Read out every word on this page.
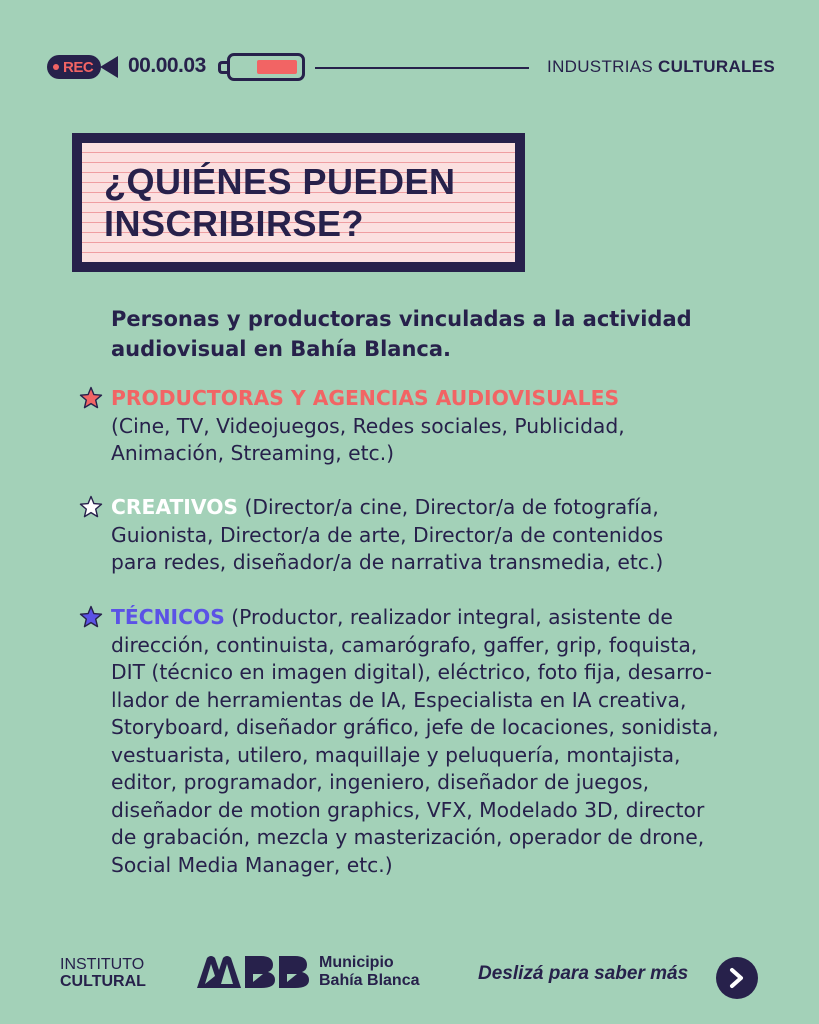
REC 00.00.03	INDUSTRIAS CULTURALES
¿QUIÉNES PUEDEN
INSCRIBIRSE?

Personas y productoras vinculadas a la actividad
audiovisual en Bahía Blanca.

PRODUCTORAS Y AGENCIAS AUDIOVISUALES
(Cine, TV, Videojuegos, Redes sociales, Publicidad,
Animación, Streaming, etc.)
CREATIVOS (Director/a cine, Director/a de fotografía,
Guionista, Director/a de arte, Director/a de contenidos
para redes, diseñador/a de narrativa transmedia, etc.)
TÉCNICOS (Productor, realizador integral, asistente de
dirección, continuista, camarógrafo, gaffer, grip, foquista,
DIT (técnico en imagen digital), eléctrico, foto fija, desarro-
llador de herramientas de IA, Especialista en IA creativa,
Storyboard, diseñador gráfico, jefe de locaciones, sonidista,
vestuarista, utilero, maquillaje y peluquería, montajista,
editor, programador, ingeniero, diseñador de juegos,
diseñador de motion graphics, VFX, Modelado 3D, director
de grabación, mezcla y masterización, operador de drone,
Social Media Manager, etc.)
INSTITUTO
CULTURAL
Municipio
Bahía Blanca	Deslizá para saber más
